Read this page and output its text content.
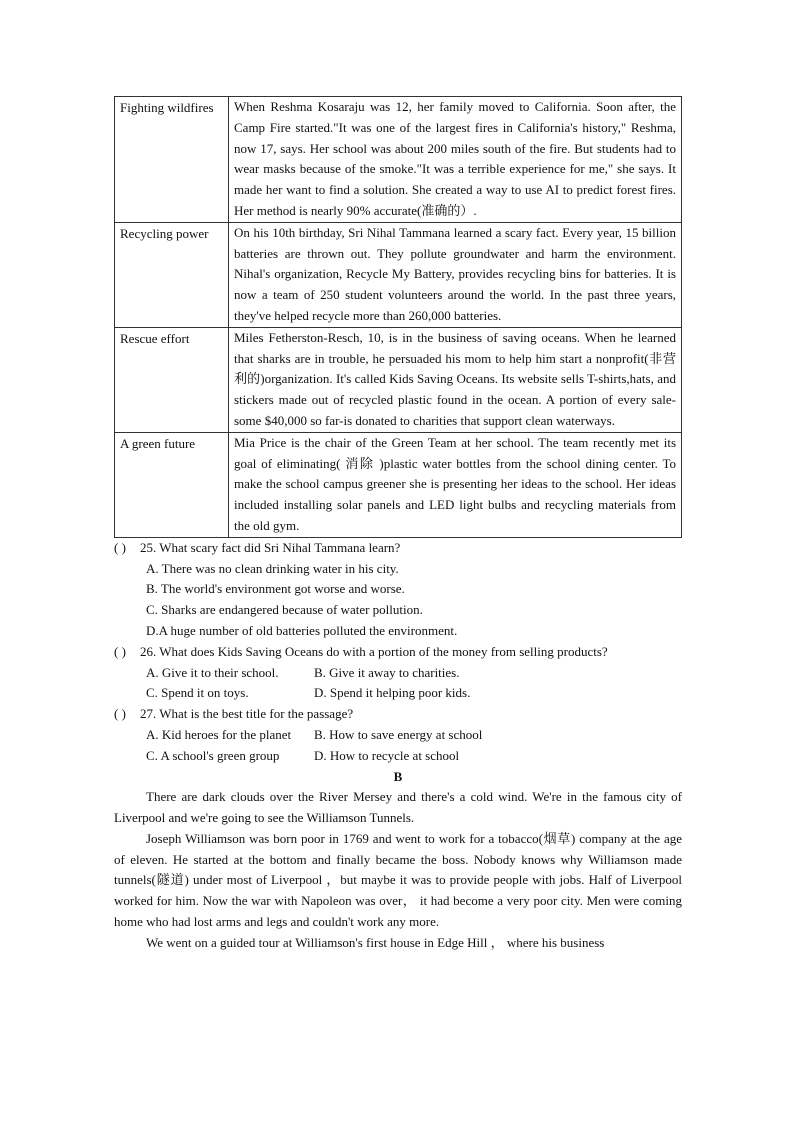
Fighting wildfires	When Reshma Kosaraju was 12, her family moved to California. Soon after, the Camp Fire started."It was one of the largest fires in California's history," Reshma, now 17, says. Her school was about 200 miles south of the fire. But students had to wear masks because of the smoke."It was a terrible experience for me," she says. It made her want to find a solution. She created a way to use AI to predict forest fires. Her method is nearly 90% accurate(准确的）.
Recycling power	On his 10th birthday, Sri Nihal Tammana learned a scary fact. Every year, 15 billion batteries are thrown out. They pollute groundwater and harm the environment. Nihal's organization, Recycle My Battery, provides recycling bins for batteries. It is now a team of 250 student volunteers around the world. In the past three years, they've helped recycle more than 260,000 batteries.
Rescue effort	Miles Fetherston-Resch, 10, is in the business of saving oceans. When he learned that sharks are in trouble, he persuaded his mom to help him start a nonprofit(非营利的)organization. It's called Kids Saving Oceans. Its website sells T-shirts,hats, and stickers made out of recycled plastic found in the ocean. A portion of every sale-some $40,000 so far-is donated to charities that support clean waterways.
A green future	Mia Price is the chair of the Green Team at her school. The team recently met its goal of eliminating( 消除 )plastic water bottles from the school dining center. To make the school campus greener she is presenting her ideas to the school. Her ideas included installing solar panels and LED light bulbs and recycling materials from the old gym.

( ) 25. What scary fact did Sri Nihal Tammana learn?

A. There was no clean drinking water in his city.

B. The world's environment got worse and worse.

C. Sharks are endangered because of water pollution.

D.A huge number of old batteries polluted the environment.

( ) 26. What does Kids Saving Oceans do with a portion of the money from selling products?

A. Give it to their school.	B. Give it away to charities.
C. Spend it on toys.	D. Spend it helping poor kids.

( ) 27. What is the best title for the passage?

A. Kid heroes for the planet	B. How to save energy at school
C. A school's green group	D. How to recycle at school

B

There are dark clouds over the River Mersey and there's a cold wind. We're in the famous city of Liverpool and we're going to see the Williamson Tunnels.

Joseph Williamson was born poor in 1769 and went to work for a tobacco(烟草) company at the age of eleven. He started at the bottom and finally became the boss. Nobody knows why Williamson made tunnels(隧道) under most of Liverpool ，but maybe it was to provide people with jobs. Half of Liverpool worked for him. Now the war with Napoleon was over， it had become a very poor city. Men were coming home who had lost arms and legs and couldn't work any more.

We went on a guided tour at Williamson's first house in Edge Hill ， where his business
